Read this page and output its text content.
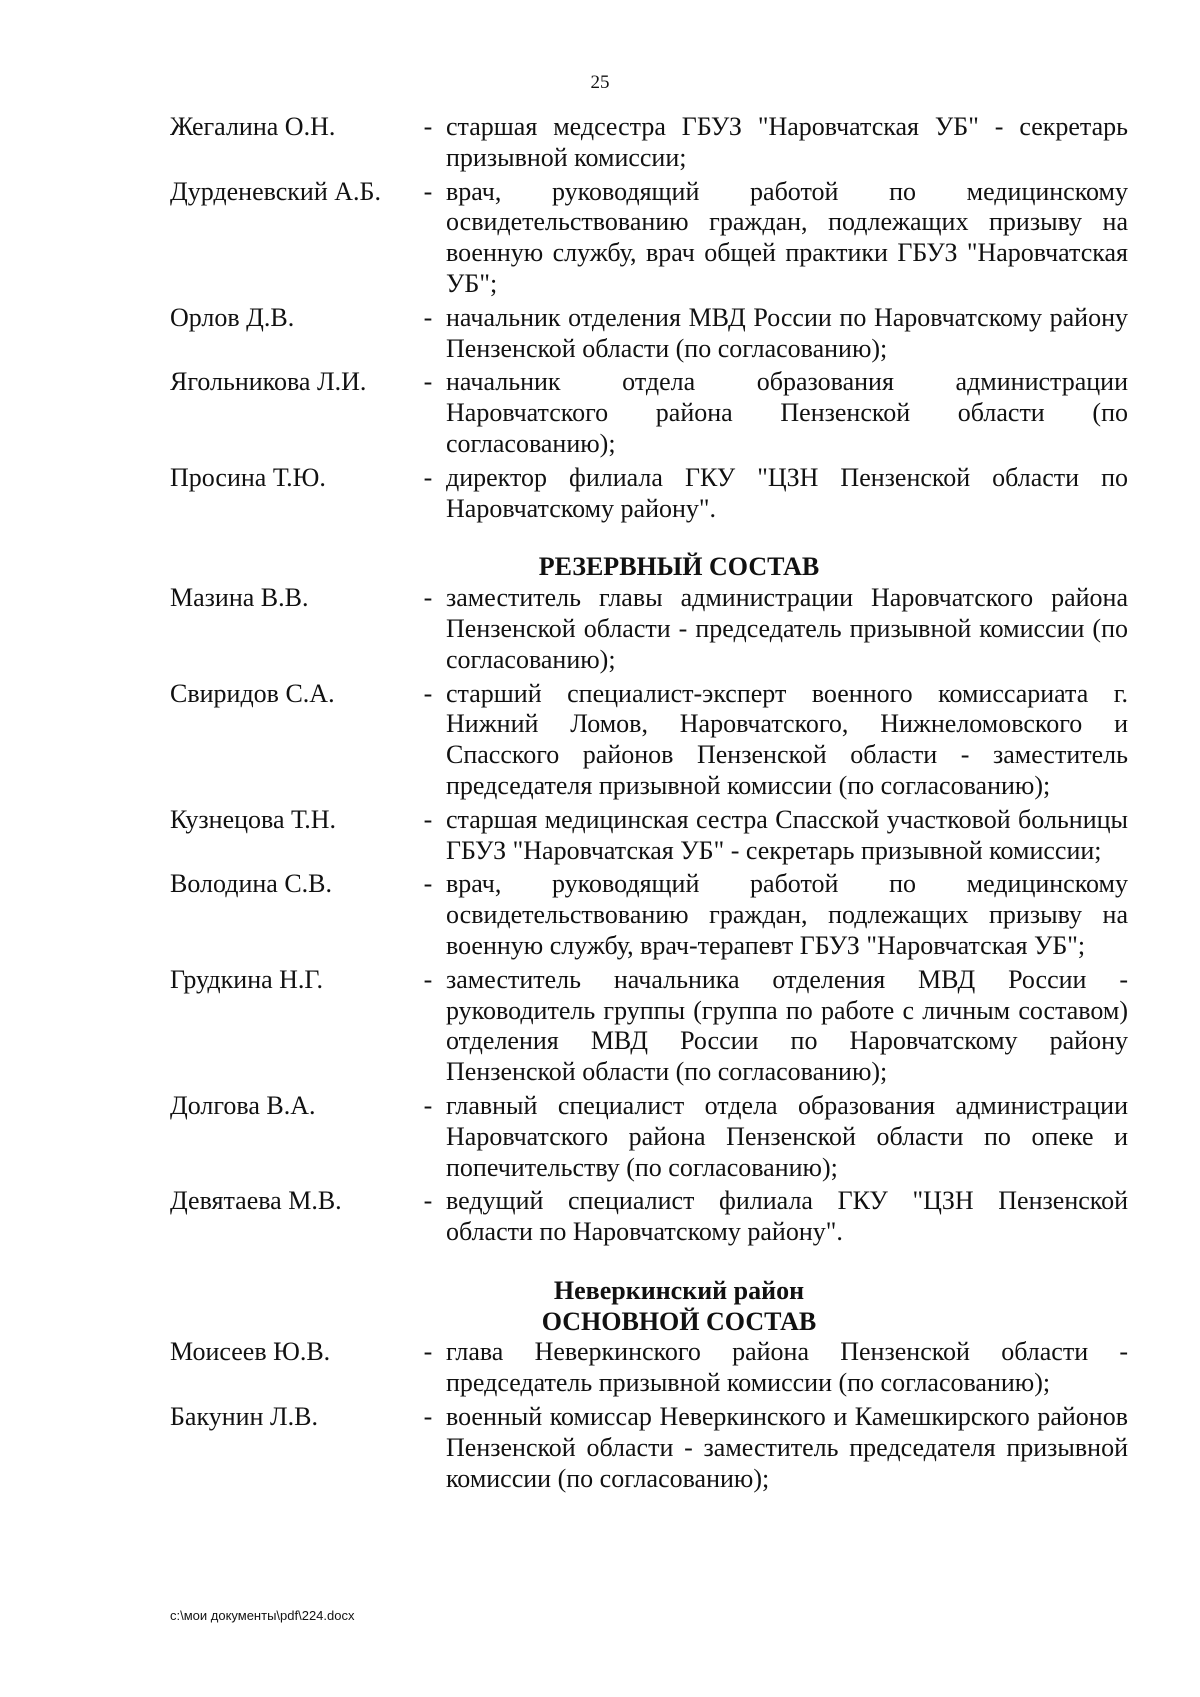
25
Жегалина О.Н.	- старшая медсестра ГБУЗ "Наровчатская УБ" - секретарь призывной комиссии;
Дурденевский А.Б.	- врач, руководящий работой по медицинскому освидетельствованию граждан, подлежащих призыву на военную службу, врач общей практики ГБУЗ "Наровчатская УБ";
Орлов Д.В.	- начальник отделения МВД России по Наровчатскому району Пензенской области (по согласованию);
Ягольникова Л.И.	- начальник отдела образования администрации Наровчатского района Пензенской области (по согласованию);
Просина Т.Ю.	- директор филиала ГКУ "ЦЗН Пензенской области по Наровчатскому району".
РЕЗЕРВНЫЙ СОСТАВ
Мазина В.В.	- заместитель главы администрации Наровчатского района Пензенской области - председатель призывной комиссии (по согласованию);
Свиридов С.А.	- старший специалист-эксперт военного комиссариата г. Нижний Ломов, Наровчатского, Нижнеломовского и Спасского районов Пензенской области - заместитель председателя призывной комиссии (по согласованию);
Кузнецова Т.Н.	- старшая медицинская сестра Спасской участковой больницы ГБУЗ "Наровчатская УБ" - секретарь призывной комиссии;
Володина С.В.	- врач, руководящий работой по медицинскому освидетельствованию граждан, подлежащих призыву на военную службу, врач-терапевт ГБУЗ "Наровчатская УБ";
Грудкина Н.Г.	- заместитель начальника отделения МВД России - руководитель группы (группа по работе с личным составом) отделения МВД России по Наровчатскому району Пензенской области (по согласованию);
Долгова В.А.	- главный специалист отдела образования администрации Наровчатского района Пензенской области по опеке и попечительству (по согласованию);
Девятаева М.В.	- ведущий специалист филиала ГКУ "ЦЗН Пензенской области по Наровчатскому району".
Неверкинский район
ОСНОВНОЙ СОСТАВ
Моисеев Ю.В.	- глава Неверкинского района Пензенской области - председатель призывной комиссии (по согласованию);
Бакунин Л.В.	- военный комиссар Неверкинского и Камешкирского районов Пензенской области - заместитель председателя призывной комиссии (по согласованию);
c:\мои документы\pdf\224.docx
